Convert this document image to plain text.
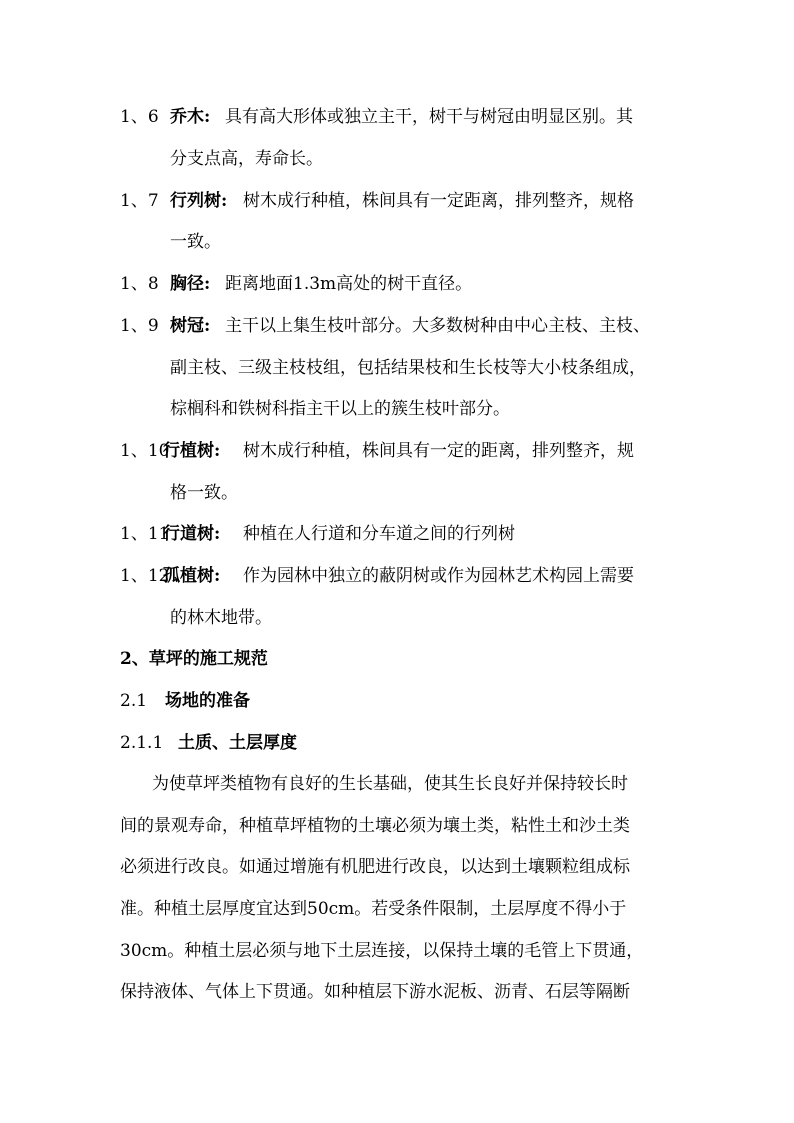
1、6 乔木: 具有高大形体或独立主干，树干与树冠由明显区别。其
分支点高，寿命长。
1、7 行列树: 树木成行种植，株间具有一定距离，排列整齐，规格
一致。
1、8 胸径: 距离地面1.3m高处的树干直径。
1、9 树冠: 主干以上集生枝叶部分。大多数树种由中心主枝、主枝、
副主枝、三级主枝枝组，包括结果枝和生长枝等大小枝条组成，
棕榈科和铁树科指主干以上的簇生枝叶部分。
1、10
行植树: 树木成行种植，株间具有一定的距离，排列整齐，规
格一致。
1、11
行道树: 种植在人行道和分车道之间的行列树
1、12
孤植树: 作为园林中独立的蔽阴树或作为园林艺术构园上需要
的林木地带。
2、草坪的施工规范
2.1 场地的准备
2.1.1 土质、土层厚度
为使草坪类植物有良好的生长基础，使其生长良好并保持较长时
间的景观寿命，种植草坪植物的土壤必须为壤土类，粘性土和沙土类
必须进行改良。如通过增施有机肥进行改良，以达到土壤颗粒组成标
准。种植土层厚度宜达到50cm。若受条件限制，土层厚度不得小于
30cm。种植土层必须与地下土层连接，以保持土壤的毛管上下贯通，
保持液体、气体上下贯通。如种植层下游水泥板、沥青、石层等隔断
